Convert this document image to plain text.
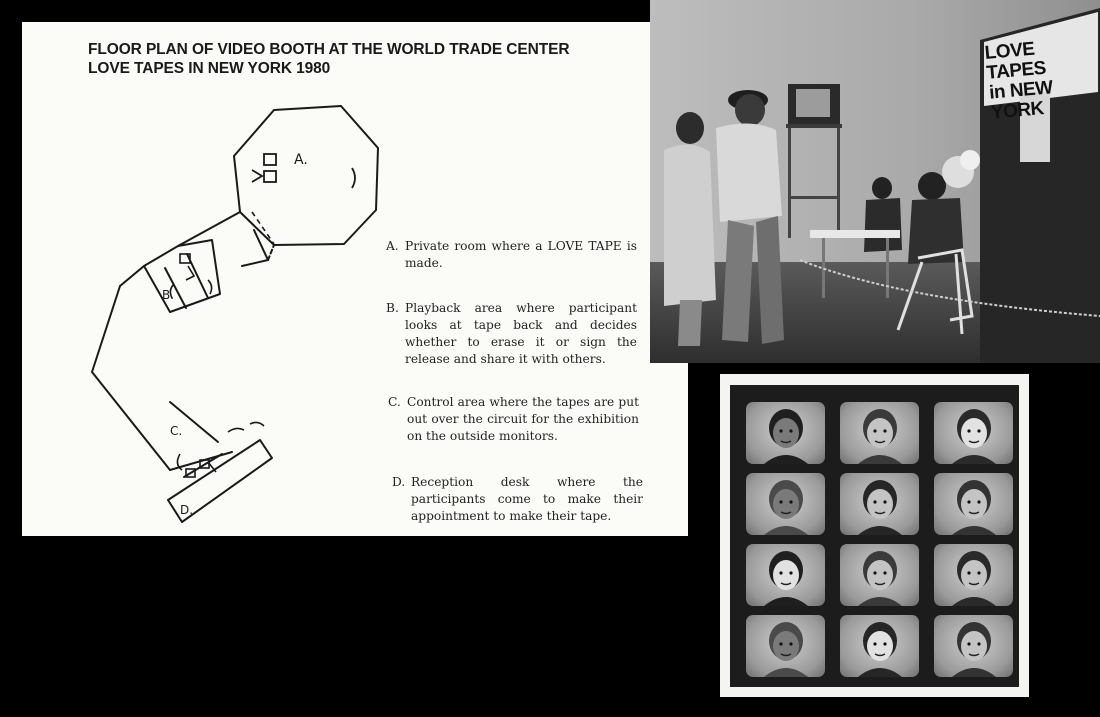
FLOOR PLAN OF VIDEO BOOTH AT THE WORLD TRADE CENTER
LOVE TAPES IN NEW YORK 1980
A.
B.
C.
D.
A. Private room where a LOVE TAPE is made.
B. Playback area where participant looks at tape back and decides whether to erase it or sign the release and share it with others.
C. Control area where the tapes are put out over the circuit for the exhibition on the outside monitors.
D. Reception desk where the participants come to make their appointment to make their tape.
LOVE TAPES
in NEW YORK
